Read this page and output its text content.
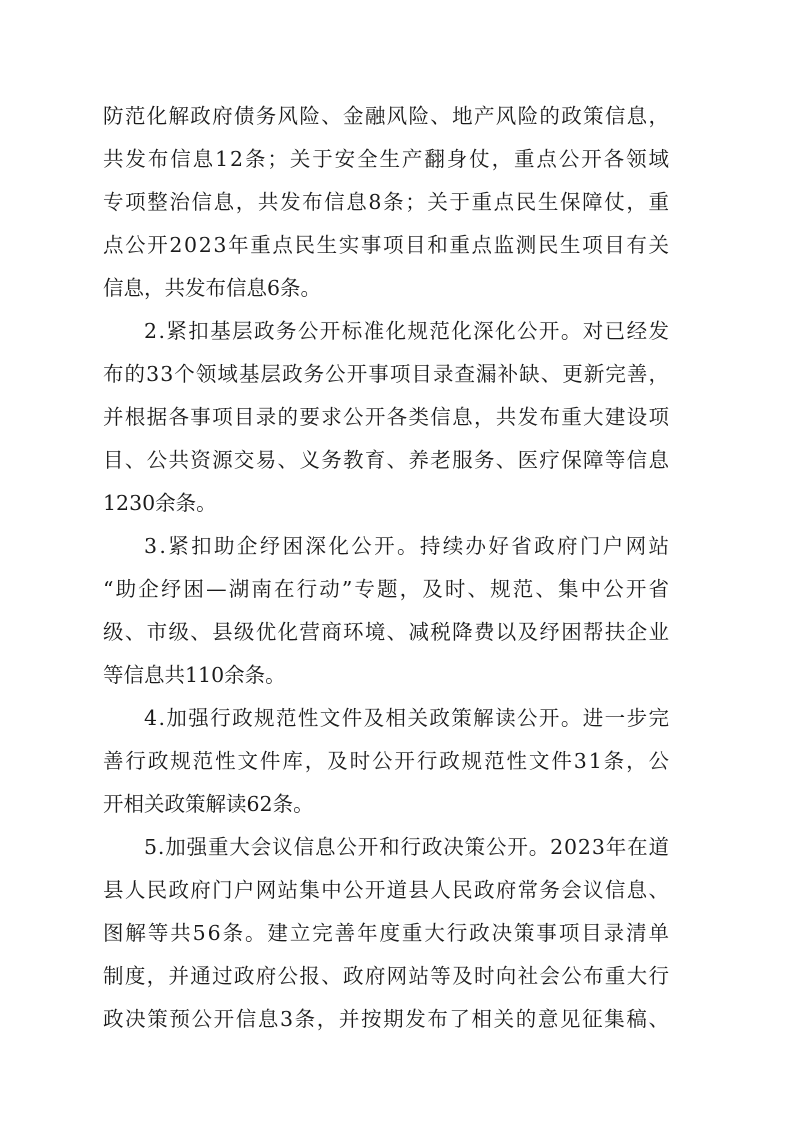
防范化解政府债务风险、金融风险、地产风险的政策信息，
共发布信息12条；关于安全生产翻身仗，重点公开各领域
专项整治信息，共发布信息8条；关于重点民生保障仗，重
点公开2023年重点民生实事项目和重点监测民生项目有关
信息，共发布信息6条。
2.紧扣基层政务公开标准化规范化深化公开。对已经发
布的33个领域基层政务公开事项目录查漏补缺、更新完善，
并根据各事项目录的要求公开各类信息，共发布重大建设项
目、公共资源交易、义务教育、养老服务、医疗保障等信息
1230余条。
3.紧扣助企纾困深化公开。持续办好省政府门户网站
“助企纾困—湖南在行动”专题，及时、规范、集中公开省
级、市级、县级优化营商环境、减税降费以及纾困帮扶企业
等信息共110余条。
4.加强行政规范性文件及相关政策解读公开。进一步完
善行政规范性文件库，及时公开行政规范性文件31条，公
开相关政策解读62条。
5.加强重大会议信息公开和行政决策公开。2023年在道
县人民政府门户网站集中公开道县人民政府常务会议信息、
图解等共56条。建立完善年度重大行政决策事项目录清单
制度，并通过政府公报、政府网站等及时向社会公布重大行
政决策预公开信息3条，并按期发布了相关的意见征集稿、
